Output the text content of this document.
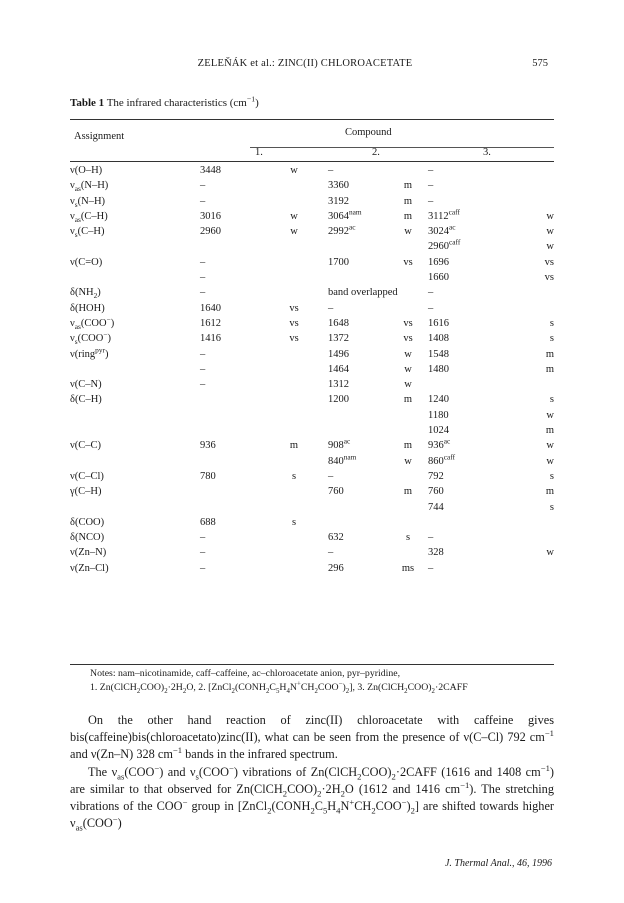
ZELEŇÁK et al.: ZINC(II) CHLOROACETATE	575
Table 1 The infrared characteristics $(cm^{-1})$
Assignment	Compound
1.	2.	3.
ν(O–H)	3448	w	–		–	
$\nu_{as}(N-H)$	–		3360	m	–	
$\nu_s(N-H)$	–		3192	m	–	
$\nu_{as}(C-H)$	3016	w	$3064^{nam}$	m	$3112^{caff}$	w
$\nu_s(C-H)$	2960	w	$2992^{ac}$	w	$3024^{ac}$	w
					$2960^{caff}$	w
ν(C=O)	–		1700	vs	1696	vs
	–				1660	vs
$\delta(NH_2)$	–		band overlapped		–	
δ(HOH)	1640	vs	–		–	
$\nu_{as}(COO^-)$	1612	vs	1648	vs	1616	s
$\nu_s(COO^-)$	1416	vs	1372	vs	1408	s
ν(ring$^{pyr}$)	–		1496	w	1548	m
	–		1464	w	1480	m
ν(C–N)	–		1312	w		
δ(C–H)			1200	m	1240	s
					1180	w
					1024	m
ν(C–C)	936	m	$908^{ac}$	m	$936^{ac}$	w
			$840^{nam}$	w	$860^{caff}$	w
ν(C–Cl)	780	s	–		792	s
γ(C–H)			760	m	760	m
					744	s
δ(COO)	688	s				
δ(NCO)	–		632	s	–	
ν(Zn–N)	–		–		328	w
ν(Zn–Cl)	–		296	ms	–	
Notes: nam–nicotinamide, caff–caffeine, ac–chloroacetate anion, pyr–pyridine,
1. $Zn(ClCH_2COO)_2\cdot 2H_2O$, 2. $[ZnCl_2(CONH_2C_5H_4N^+CH_2COO^-)_2]$, 3. $Zn(ClCH_2COO)_2\cdot 2CAFF$

On the other hand reaction of zinc(II) chloroacetate with caffeine gives bis(caffeine)bis(chloroacetato)zinc(II), what can be seen from the presence of ν(C–Cl) 792 $cm^{-1}$ and ν(Zn–N) 328 $cm^{-1}$ bands in the infrared spectrum.

The $\nu_{as}(COO^-)$ and $\nu_s(COO^-)$ vibrations of $Zn(ClCH_2COO)_2\cdot 2CAFF$ (1616 and 1408 $cm^{-1}$) are similar to that observed for $Zn(ClCH_2COO)_2\cdot 2H_2O$ (1612 and 1416 $cm^{-1}$). The stretching vibrations of the COO− group in $[ZnCl_2(CONH_2C_5H_4N^+CH_2COO^-)_2]$ are shifted towards higher $\nu_{as}(COO^-)$

J. Thermal Anal., 46, 1996
